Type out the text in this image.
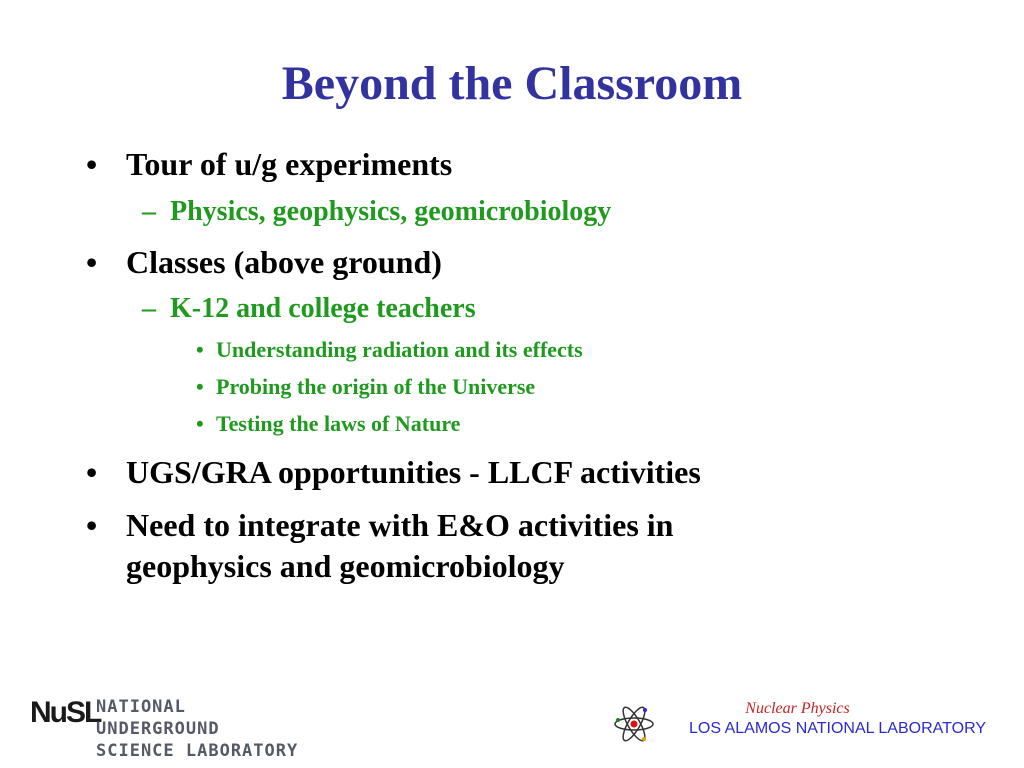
Beyond the Classroom
• Tour of u/g experiments
– Physics, geophysics, geomicrobiology
• Classes (above ground)
– K-12 and college teachers
• Understanding radiation and its effects
• Probing the origin of the Universe
• Testing the laws of Nature
• UGS/GRA opportunities - LLCF activities
• Need to integrate with E&O activities in
geophysics and geomicrobiology
NuSL
NATIONAL UNDERGROUND
SCIENCE LABORATORY
Nuclear Physics
LOS ALAMOS NATIONAL LABORATORY
